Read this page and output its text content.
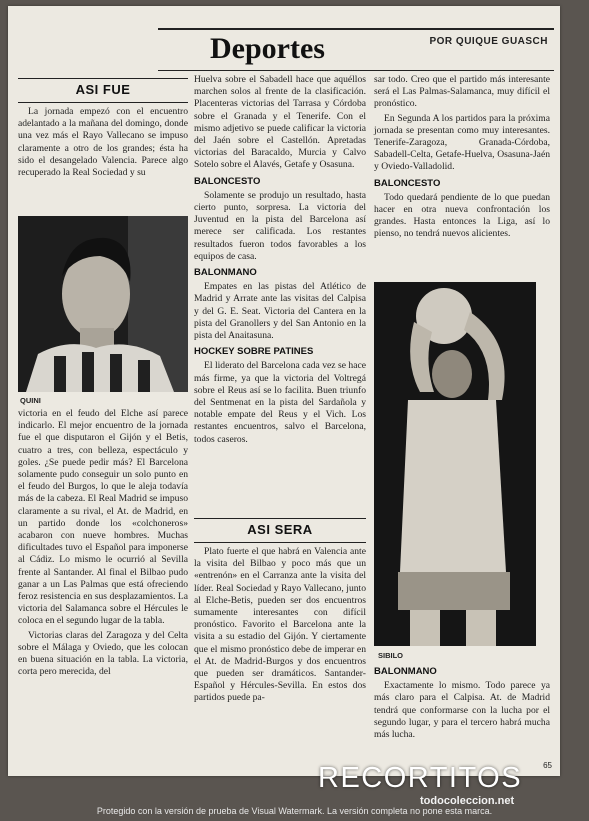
Deportes	POR QUIQUE GUASCH
ASI FUE

La jornada empezó con el encuentro adelantado a la mañana del domingo, donde una vez más el Rayo Vallecano se impuso claramente a otro de los grandes; ésta ha sido el desangelado Valencia. Parece algo recuperado la Real Sociedad y su

QUINI

victoria en el feudo del Elche así parece indicarlo. El mejor encuentro de la jornada fue el que disputaron el Gijón y el Betis, cuatro a tres, con belleza, espectáculo y goles. ¿Se puede pedir más? El Barcelona solamente pudo conseguir un solo punto en el feudo del Burgos, lo que le aleja todavía más de la cabeza. El Real Madrid se impuso claramente a su rival, el At. de Madrid, en un partido donde los «colchoneros» acabaron con nueve hombres. Muchas dificultades tuvo el Español para imponerse al Cádiz. Lo mismo le ocurrió al Sevilla frente al Santander. Al final el Bilbao pudo ganar a un Las Palmas que está ofreciendo feroz resistencia en sus desplazamientos. La victoria del Salamanca sobre el Hércules le coloca en el segundo lugar de la tabla.

Victorias claras del Zaragoza y del Celta sobre el Málaga y Oviedo, que les colocan en buena situación en la tabla. La victoria, corta pero merecida, del

Huelva sobre el Sabadell hace que aquéllos marchen solos al frente de la clasificación. Placenteras victorias del Tarrasa y Córdoba sobre el Granada y el Tenerife. Con el mismo adjetivo se puede calificar la victoria del Jaén sobre el Castellón. Apretadas victorias del Baracaldo, Murcia y Calvo Sotelo sobre el Alavés, Getafe y Osasuna.

BALONCESTO

Solamente se produjo un resultado, hasta cierto punto, sorpresa. La victoria del Juventud en la pista del Barcelona así merece ser calificada. Los restantes resultados fueron todos favorables a los equipos de casa.

BALONMANO

Empates en las pistas del Atlético de Madrid y Arrate ante las visitas del Calpisa y del G. E. Seat. Victoria del Cantera en la pista del Granollers y del San Antonio en la pista del Anaitasuna.

HOCKEY SOBRE PATINES

El liderato del Barcelona cada vez se hace más firme, ya que la victoria del Voltregá sobre el Reus así se lo facilita. Buen triunfo del Sentmenat en la pista del Sardañola y notable empate del Reus y el Vich. Los restantes encuentros, salvo el Barcelona, todos caseros.

ASI SERA

Plato fuerte el que habrá en Valencia ante la visita del Bilbao y poco más que un «entrenón» en el Carranza ante la visita del líder. Real Sociedad y Rayo Vallecano, junto al Elche-Betis, pueden ser dos encuentros sumamente interesantes con difícil pronóstico. Favorito el Barcelona ante la visita a su estadio del Gijón. Y ciertamente que el mismo pronóstico debe de imperar en el At. de Madrid-Burgos y dos encuentros que pueden ser dramáticos. Santander-Español y Hércules-Sevilla. En estos dos partidos puede pa-

sar todo. Creo que el partido más interesante será el Las Palmas-Salamanca, muy difícil el pronóstico.

En Segunda A los partidos para la próxima jornada se presentan como muy interesantes. Tenerife-Zaragoza, Granada-Córdoba, Sabadell-Celta, Getafe-Huelva, Osasuna-Jaén y Oviedo-Valladolid.

BALONCESTO

Todo quedará pendiente de lo que puedan hacer en otra nueva confrontación los grandes. Hasta entonces la Liga, así lo pienso, no tendrá nuevos alicientes.

SIBILO
BALONMANO

Exactamente lo mismo. Todo parece ya más claro para el Calpisa. At. de Madrid tendrá que conformarse con la lucha por el segundo lugar, y para el tercero habrá mucha más lucha.

65
RECORTITOS
todocoleccion.net
Protegido con la versión de prueba de Visual Watermark. La versión completa no pone esta marca.
